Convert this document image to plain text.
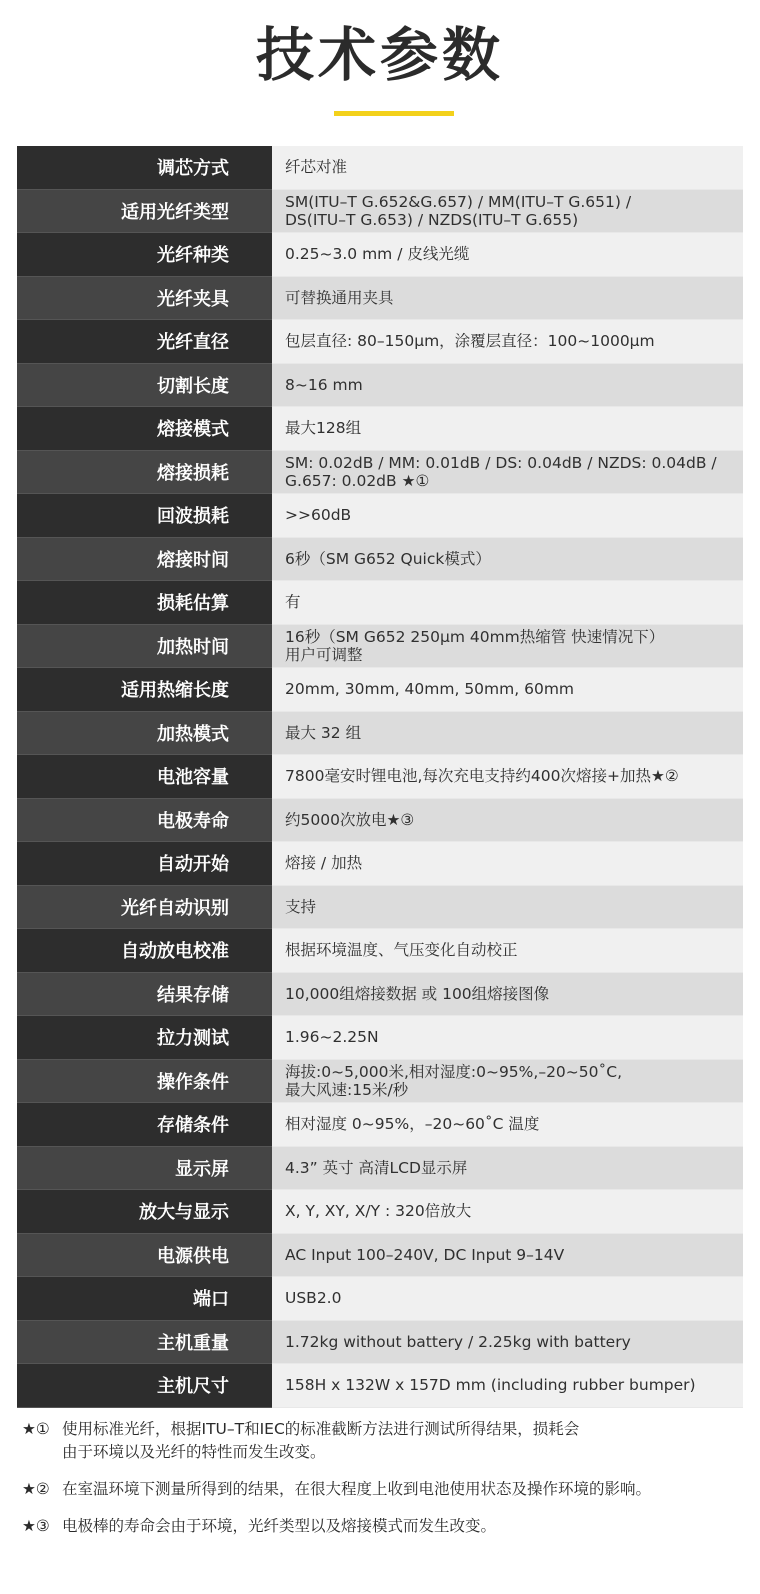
技术参数
调芯方式	纤芯对准
适用光纤类型	SM(ITU–T G.652&G.657) / MM(ITU–T G.651) /
DS(ITU–T G.653) / NZDS(ITU–T G.655)
光纤种类	0.25~3.0 mm / 皮线光缆
光纤夹具	可替换通用夹具
光纤直径	包层直径: 80–150μm，涂覆层直径：100~1000μm
切割长度	8~16 mm
熔接模式	最大128组
熔接损耗	SM: 0.02dB / MM: 0.01dB / DS: 0.04dB / NZDS: 0.04dB /
G.657: 0.02dB ★①
回波损耗	>>60dB
熔接时间	6秒（SM G652 Quick模式）
损耗估算	有
加热时间	16秒（SM G652 250μm 40mm热缩管 快速情况下）
用户可调整
适用热缩长度	20mm, 30mm, 40mm, 50mm, 60mm
加热模式	最大 32 组
电池容量	7800毫安时锂电池,每次充电支持约400次熔接+加热★②
电极寿命	约5000次放电★③
自动开始	熔接 / 加热
光纤自动识别	支持
自动放电校准	根据环境温度、气压变化自动校正
结果存储	10,000组熔接数据 或 100组熔接图像
拉力测试	1.96~2.25N
操作条件	海拔:0~5,000米,相对湿度:0~95%,–20~50˚C,
最大风速:15米/秒
存储条件	相对湿度 0~95%，–20~60˚C 温度
显示屏	4.3” 英寸 高清LCD显示屏
放大与显示	X, Y, XY, X/Y : 320倍放大
电源供电	AC Input 100–240V, DC Input 9–14V
端口	USB2.0
主机重量	1.72kg without battery / 2.25kg with battery
主机尺寸	158H x 132W x 157D mm (including rubber bumper)
★① 使用标准光纤，根据ITU–T和IEC的标准截断方法进行测试所得结果，损耗会
由于环境以及光纤的特性而发生改变。
★② 在室温环境下测量所得到的结果，在很大程度上收到电池使用状态及操作环境的影响。
★③ 电极棒的寿命会由于环境，光纤类型以及熔接模式而发生改变。
